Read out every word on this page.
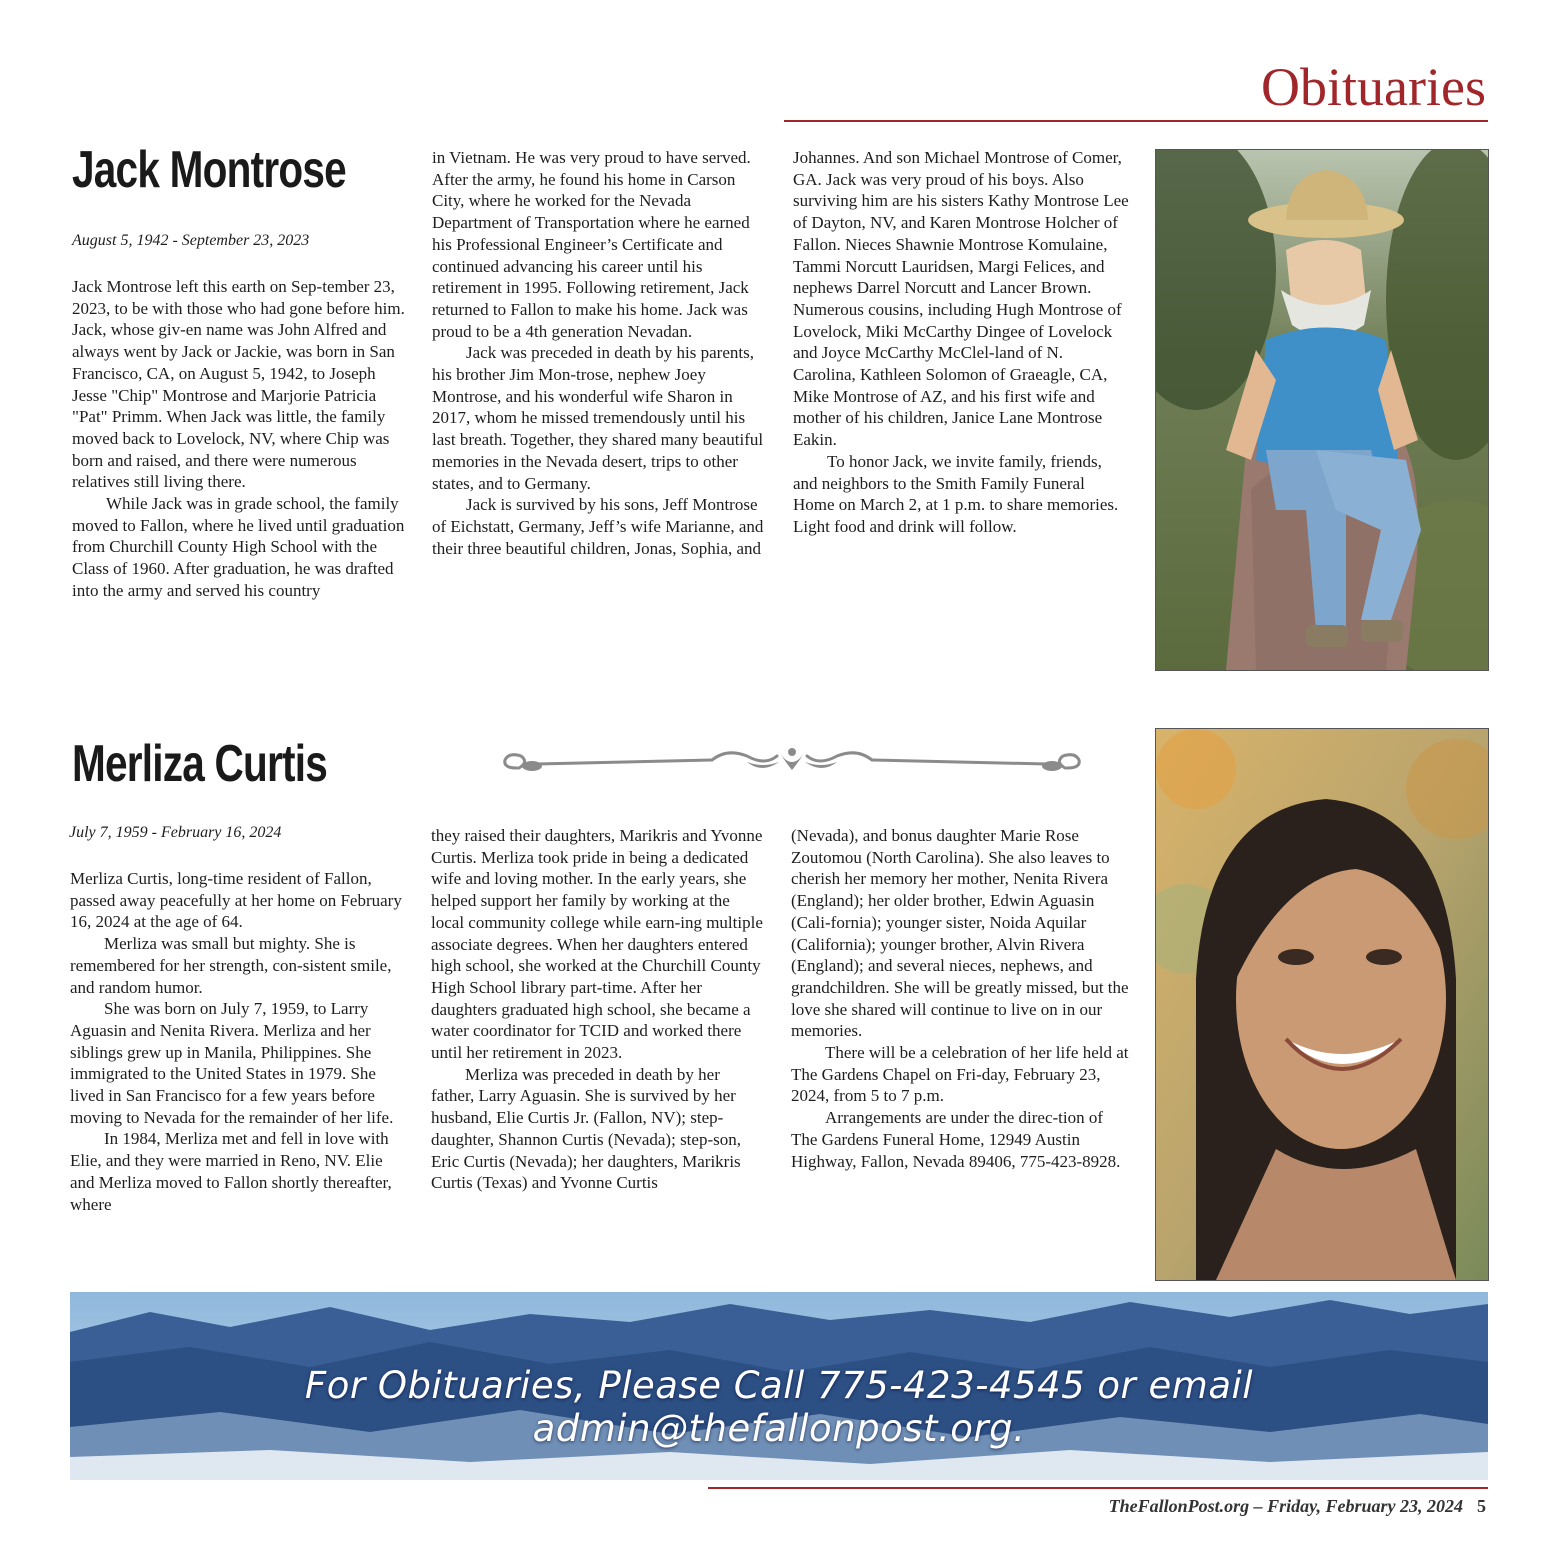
Obituaries
Jack Montrose
August 5, 1942 - September 23, 2023

Jack Montrose left this earth on Sep-tember 23, 2023, to be with those who had gone before him. Jack, whose giv-en name was John Alfred and always went by Jack or Jackie, was born in San Francisco, CA, on August 5, 1942, to Joseph Jesse "Chip" Montrose and Marjorie Patricia "Pat" Primm. When Jack was little, the family moved back to Lovelock, NV, where Chip was born and raised, and there were numerous relatives still living there.

While Jack was in grade school, the family moved to Fallon, where he lived until graduation from Churchill County High School with the Class of 1960. After graduation, he was drafted into the army and served his country

in Vietnam. He was very proud to have served. After the army, he found his home in Carson City, where he worked for the Nevada Department of Transportation where he earned his Professional Engineer’s Certificate and continued advancing his career until his retirement in 1995. Following retirement, Jack returned to Fallon to make his home. Jack was proud to be a 4th generation Nevadan.

Jack was preceded in death by his parents, his brother Jim Mon-trose, nephew Joey Montrose, and his wonderful wife Sharon in 2017, whom he missed tremendously until his last breath. Together, they shared many beautiful memories in the Nevada desert, trips to other states, and to Germany.

Jack is survived by his sons, Jeff Montrose of Eichstatt, Germany, Jeff’s wife Marianne, and their three beautiful children, Jonas, Sophia, and

Johannes. And son Michael Montrose of Comer, GA. Jack was very proud of his boys. Also surviving him are his sisters Kathy Montrose Lee of Dayton, NV, and Karen Montrose Holcher of Fallon. Nieces Shawnie Montrose Komulaine, Tammi Norcutt Lauridsen, Margi Felices, and nephews Darrel Norcutt and Lancer Brown. Numerous cousins, including Hugh Montrose of Lovelock, Miki McCarthy Dingee of Lovelock and Joyce McCarthy McClel-land of N. Carolina, Kathleen Solomon of Graeagle, CA, Mike Montrose of AZ, and his first wife and mother of his children, Janice Lane Montrose Eakin.

To honor Jack, we invite family, friends, and neighbors to the Smith Family Funeral Home on March 2, at 1 p.m. to share memories. Light food and drink will follow.

Merliza Curtis
July 7, 1959 - February 16, 2024

Merliza Curtis, long-time resident of Fallon, passed away peacefully at her home on February 16, 2024 at the age of 64.

Merliza was small but mighty. She is remembered for her strength, con-sistent smile, and random humor.

She was born on July 7, 1959, to Larry Aguasin and Nenita Rivera. Merliza and her siblings grew up in Manila, Philippines. She immigrated to the United States in 1979. She lived in San Francisco for a few years before moving to Nevada for the remainder of her life.

In 1984, Merliza met and fell in love with Elie, and they were married in Reno, NV. Elie and Merliza moved to Fallon shortly thereafter, where

they raised their daughters, Marikris and Yvonne Curtis. Merliza took pride in being a dedicated wife and loving mother. In the early years, she helped support her family by working at the local community college while earn-ing multiple associate degrees. When her daughters entered high school, she worked at the Churchill County High School library part-time. After her daughters graduated high school, she became a water coordinator for TCID and worked there until her retirement in 2023.

Merliza was preceded in death by her father, Larry Aguasin. She is survived by her husband, Elie Curtis Jr. (Fallon, NV); step-daughter, Shannon Curtis (Nevada); step-son, Eric Curtis (Nevada); her daughters, Marikris Curtis (Texas) and Yvonne Curtis

(Nevada), and bonus daughter Marie Rose Zoutomou (North Carolina). She also leaves to cherish her memory her mother, Nenita Rivera (England); her older brother, Edwin Aguasin (Cali-fornia); younger sister, Noida Aquilar (California); younger brother, Alvin Rivera (England); and several nieces, nephews, and grandchildren. She will be greatly missed, but the love she shared will continue to live on in our memories.

There will be a celebration of her life held at The Gardens Chapel on Fri-day, February 23, 2024, from 5 to 7 p.m.

Arrangements are under the direc-tion of The Gardens Funeral Home, 12949 Austin Highway, Fallon, Nevada 89406, 775-423-8928.

For Obituaries, Please Call 775-423-4545 or email admin@thefallonpost.org.
TheFallonPost.org – Friday, February 23, 2024 5
